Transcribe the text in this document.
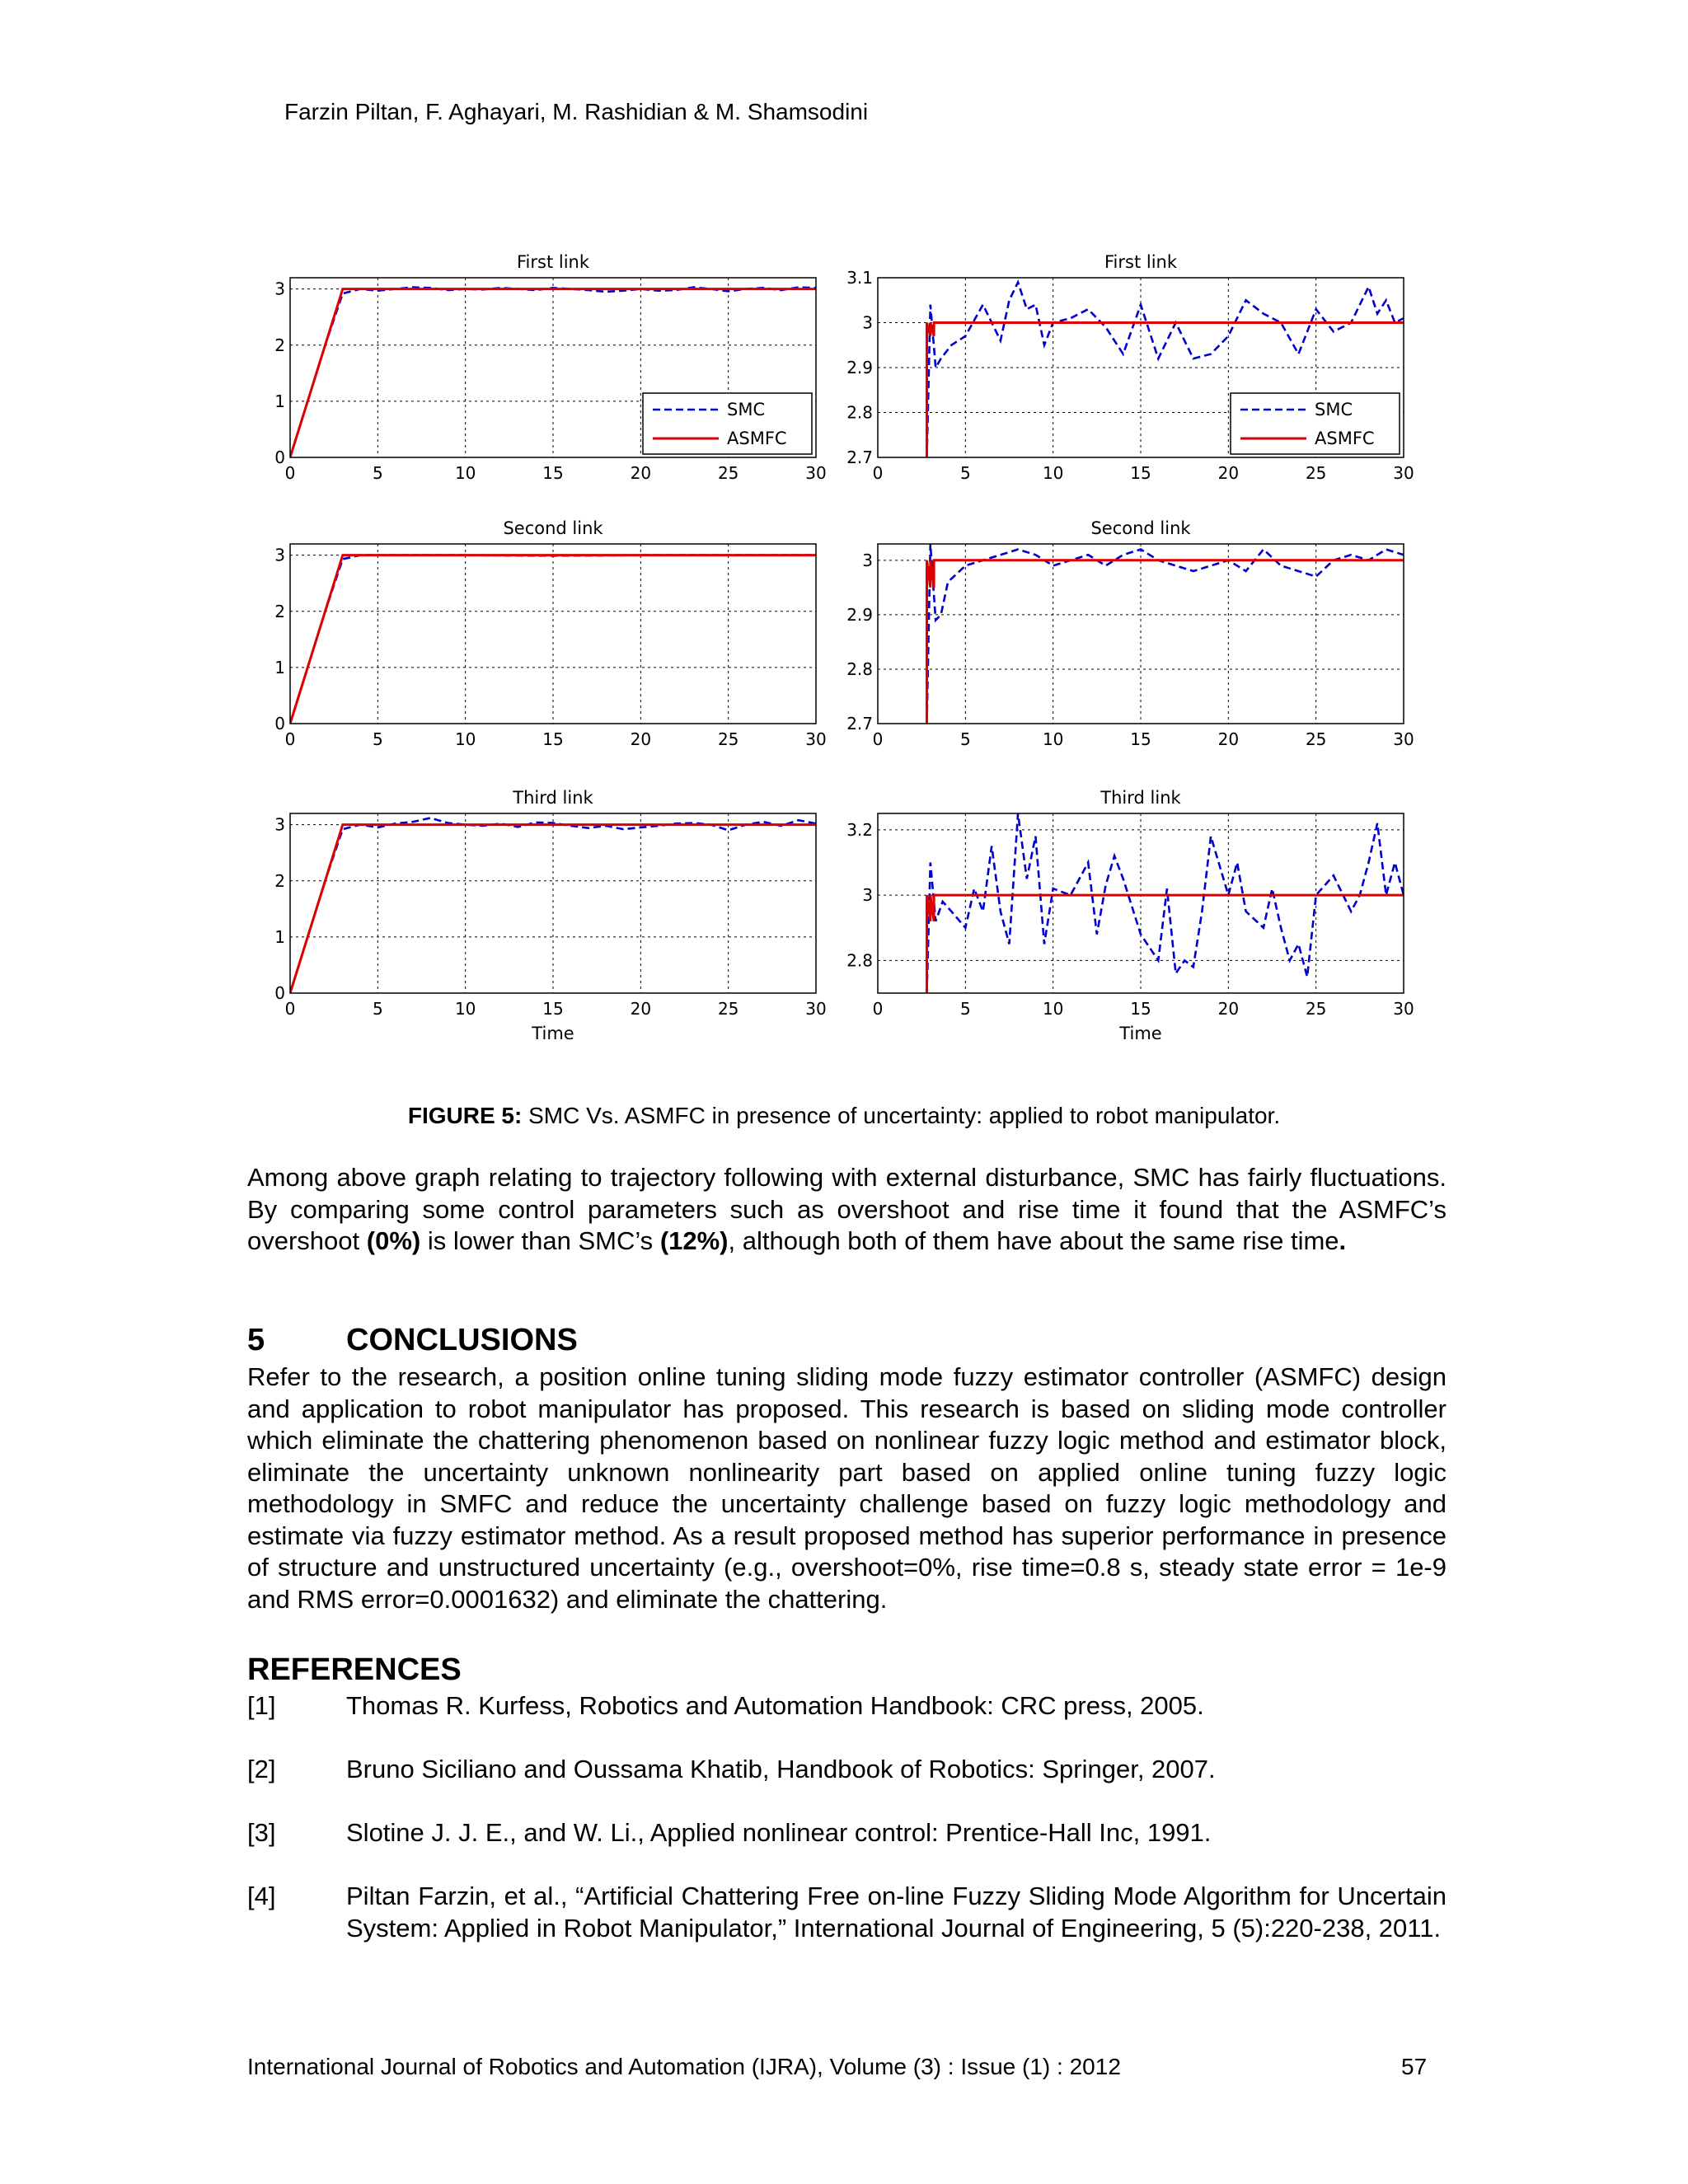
Farzin Piltan, F. Aghayari, M. Rashidian & M. Shamsodini
0	5	10	15	20	25	30
0
1
2
3
First link
SMC
ASMFC
0	5	10	15	20	25	30
2.7
2.8
2.9
3
3.1
First link
SMC
ASMFC
0	5	10	15	20	25	30
0
1
2
3
Second link
0	5	10	15	20	25	30
2.7
2.8
2.9
3
Second link
0	5	10	15	20	25	30
0
1
2
3
Third link
Time
0	5	10	15	20	25	30
2.8
3
3.2
Third link
Time
FIGURE 5: SMC Vs. ASMFC in presence of uncertainty: applied to robot manipulator.

Among above graph relating to trajectory following with external disturbance, SMC has fairly fluctuations. By comparing some control parameters such as overshoot and rise time it found that the ASMFC’s overshoot (0%) is lower than SMC’s (12%), although both of them have about the same rise time.

5	CONCLUSIONS

Refer to the research, a position online tuning sliding mode fuzzy estimator controller (ASMFC) design and application to robot manipulator has proposed. This research is based on sliding mode controller which eliminate the chattering phenomenon based on nonlinear fuzzy logic method and estimator block, eliminate the uncertainty unknown nonlinearity part based on applied online tuning fuzzy logic methodology in SMFC and reduce the uncertainty challenge based on fuzzy logic methodology and estimate via fuzzy estimator method. As a result proposed method has superior performance in presence of structure and unstructured uncertainty (e.g., overshoot=0%, rise time=0.8 s, steady state error = 1e-9 and RMS error=0.0001632) and eliminate the chattering.

REFERENCES
[1]	Thomas R. Kurfess, Robotics and Automation Handbook: CRC press, 2005.
[2]	Bruno Siciliano and Oussama Khatib, Handbook of Robotics: Springer, 2007.
[3]	Slotine J. J. E., and W. Li., Applied nonlinear control: Prentice-Hall Inc, 1991.
[4]	Piltan Farzin, et al., “Artificial Chattering Free on-line Fuzzy Sliding Mode Algorithm for Uncertain System: Applied in Robot Manipulator,” International Journal of Engineering, 5 (5):220-238, 2011.
International Journal of Robotics and Automation (IJRA), Volume (3) : Issue (1) : 2012	57
